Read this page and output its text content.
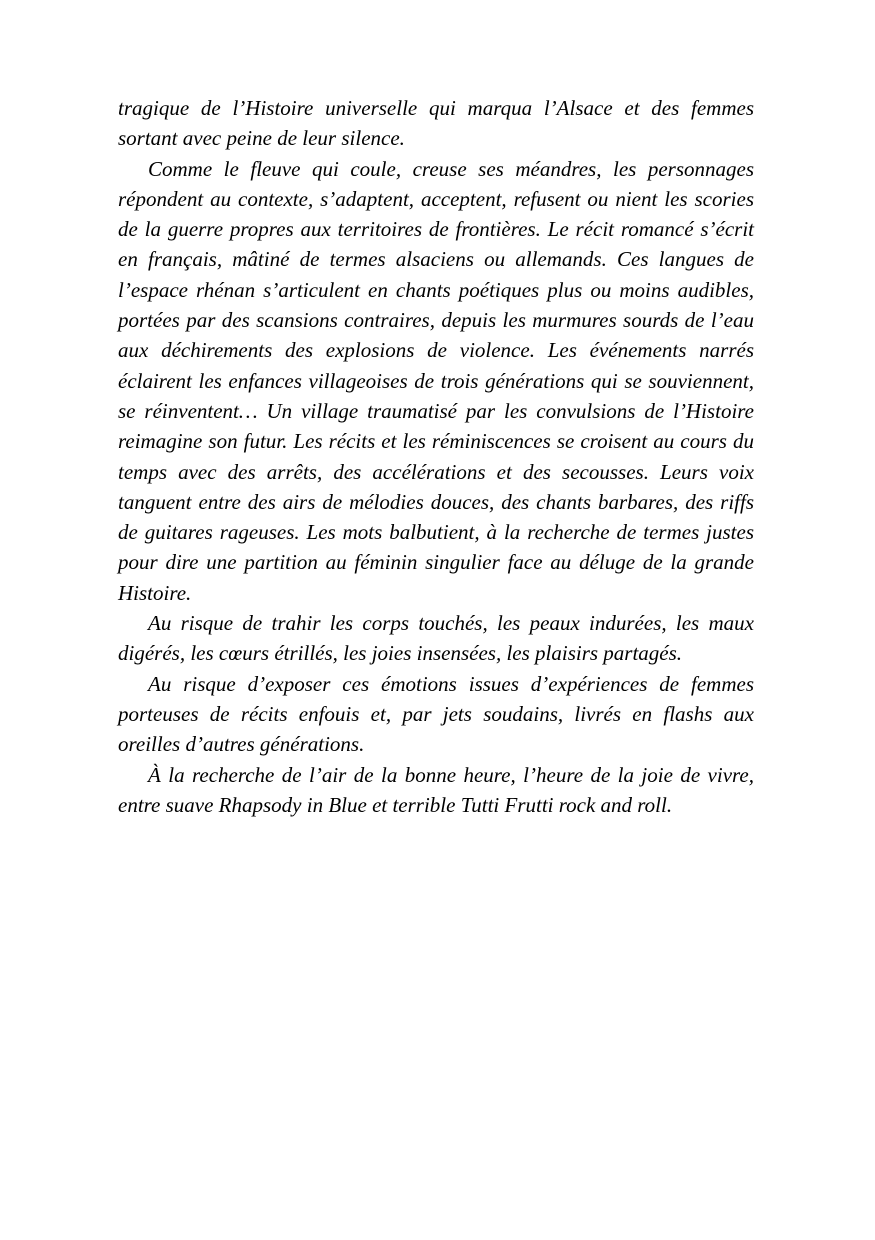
tragique de l’Histoire universelle qui marqua l’Alsace et des femmes sortant avec peine de leur silence.

Comme le fleuve qui coule, creuse ses méandres, les personnages répondent au contexte, s’adaptent, acceptent, refusent ou nient les scories de la guerre propres aux territoires de frontières. Le récit romancé s’écrit en français, mâtiné de termes alsaciens ou allemands. Ces langues de l’espace rhénan s’articulent en chants poétiques plus ou moins audibles, portées par des scansions contraires, depuis les murmures sourds de l’eau aux déchirements des explosions de violence. Les événements narrés éclairent les enfances villageoises de trois générations qui se souviennent, se réinventent… Un village traumatisé par les convulsions de l’Histoire reimagine son futur. Les récits et les réminiscences se croisent au cours du temps avec des arrêts, des accélérations et des secousses. Leurs voix tanguent entre des airs de mélodies douces, des chants barbares, des riffs de guitares rageuses. Les mots balbutient, à la recherche de termes justes pour dire une partition au féminin singulier face au déluge de la grande Histoire.

Au risque de trahir les corps touchés, les peaux indurées, les maux digérés, les cœurs étrillés, les joies insensées, les plaisirs partagés.

Au risque d’exposer ces émotions issues d’expériences de femmes porteuses de récits enfouis et, par jets soudains, livrés en flashs aux oreilles d’autres générations.

À la recherche de l’air de la bonne heure, l’heure de la joie de vivre, entre suave Rhapsody in Blue et terrible Tutti Frutti rock and roll.
